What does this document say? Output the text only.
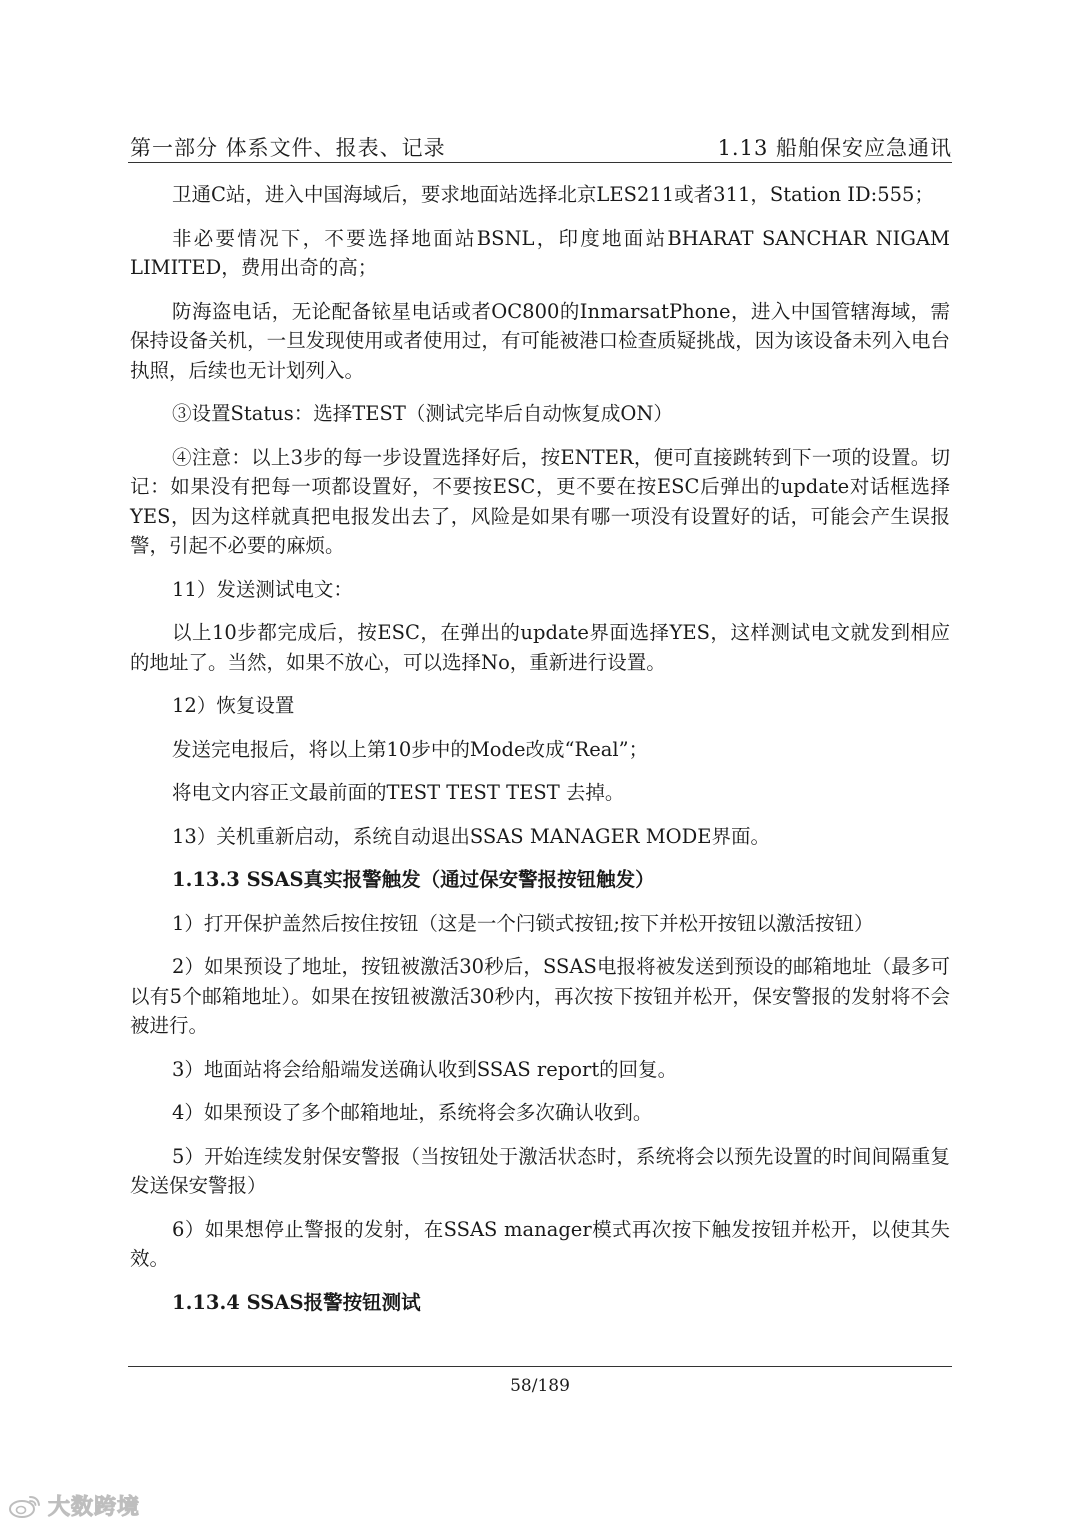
第一部分 体系文件、报表、记录	1.13 船舶保安应急通讯

卫通C站，进入中国海域后，要求地面站选择北京LES211或者311，Station ID:555；

非必要情况下，不要选择地面站BSNL，印度地面站BHARAT SANCHAR NIGAM LIMITED，费用出奇的高；

防海盗电话，无论配备铱星电话或者OC800的InmarsatPhone，进入中国管辖海域，需保持设备关机，一旦发现使用或者使用过，有可能被港口检查质疑挑战，因为该设备未列入电台执照，后续也无计划列入。

③设置Status：选择TEST（测试完毕后自动恢复成ON）

④注意：以上3步的每一步设置选择好后，按ENTER，便可直接跳转到下一项的设置。切记：如果没有把每一项都设置好，不要按ESC，更不要在按ESC后弹出的update对话框选择YES，因为这样就真把电报发出去了，风险是如果有哪一项没有设置好的话，可能会产生误报警，引起不必要的麻烦。

11）发送测试电文：

以上10步都完成后，按ESC，在弹出的update界面选择YES，这样测试电文就发到相应的地址了。当然，如果不放心，可以选择No，重新进行设置。

12）恢复设置

发送完电报后，将以上第10步中的Mode改成“Real”；

将电文内容正文最前面的TEST TEST TEST 去掉。

13）关机重新启动，系统自动退出SSAS MANAGER MODE界面。

1.13.3 SSAS真实报警触发（通过保安警报按钮触发）

1）打开保护盖然后按住按钮（这是一个闩锁式按钮;按下并松开按钮以激活按钮）

2）如果预设了地址，按钮被激活30秒后，SSAS电报将被发送到预设的邮箱地址（最多可以有5个邮箱地址）。如果在按钮被激活30秒内，再次按下按钮并松开，保安警报的发射将不会被进行。

3）地面站将会给船端发送确认收到SSAS report的回复。

4）如果预设了多个邮箱地址，系统将会多次确认收到。

5）开始连续发射保安警报（当按钮处于激活状态时，系统将会以预先设置的时间间隔重复发送保安警报）

6）如果想停止警报的发射，在SSAS manager模式再次按下触发按钮并松开，以使其失效。

1.13.4 SSAS报警按钮测试
58/189
大数跨境
